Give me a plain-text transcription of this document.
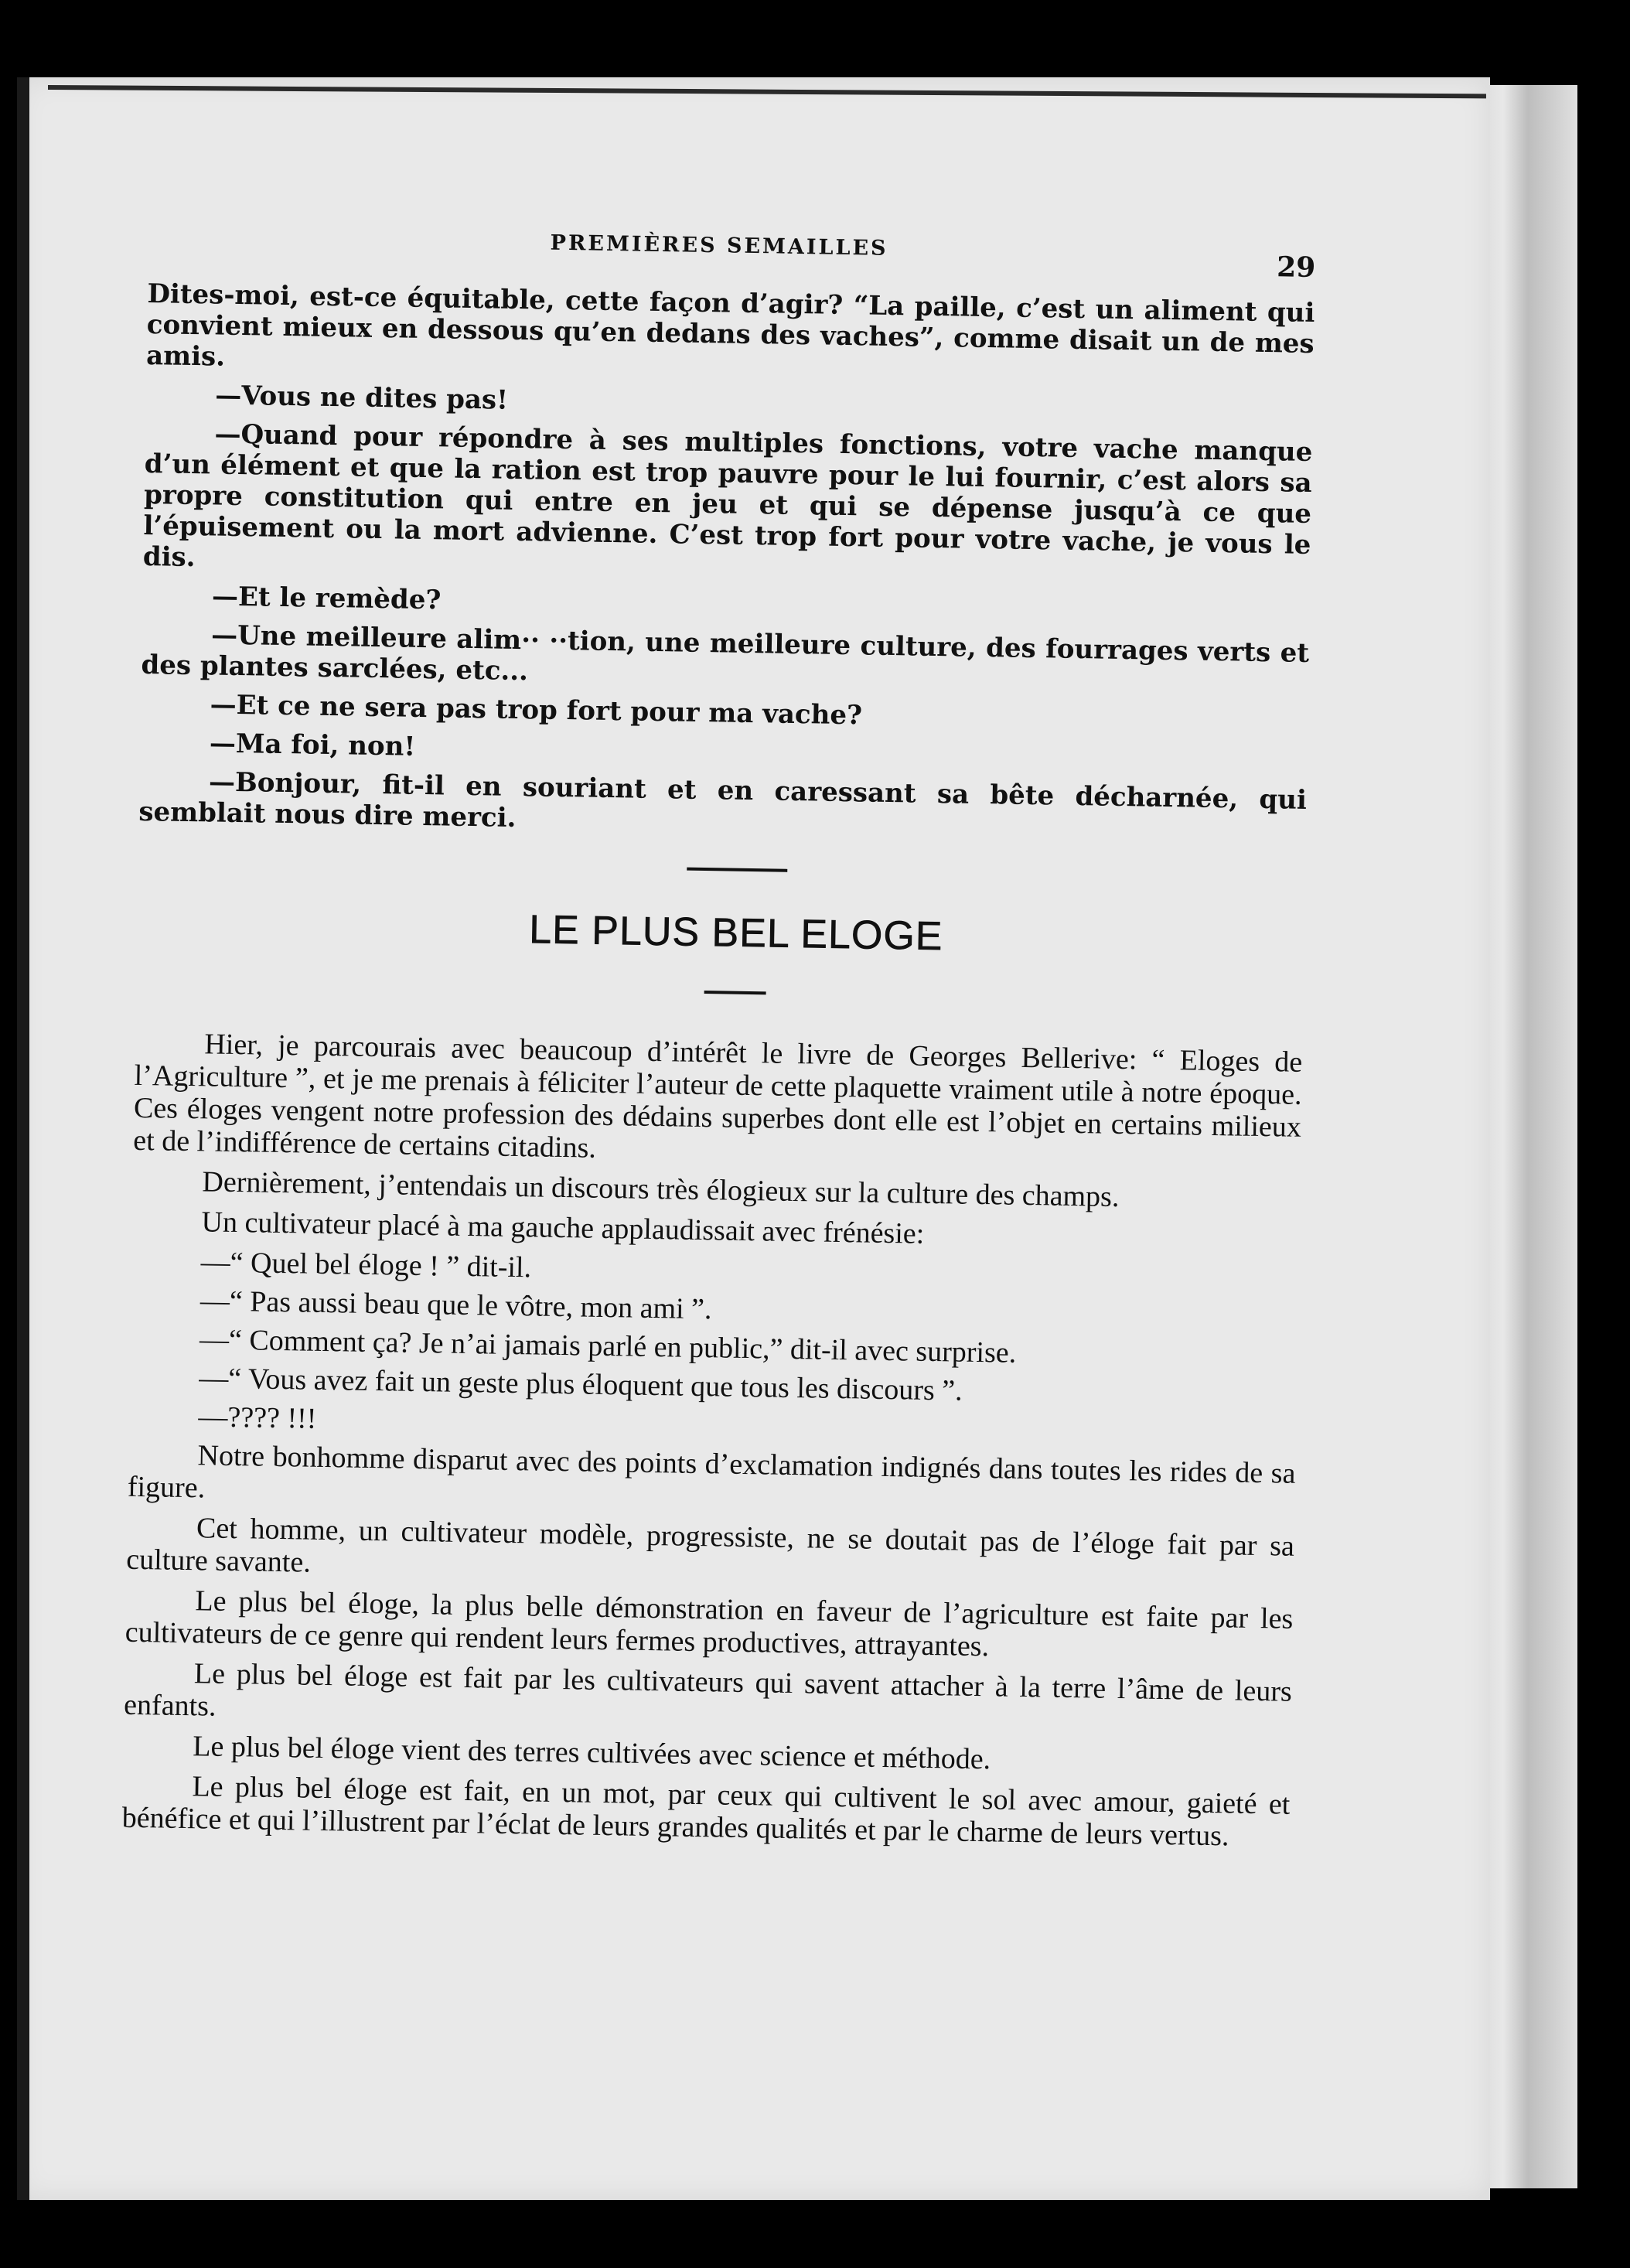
PREMIÈRES SEMAILLES
29

Dites-moi, est-ce équitable, cette façon d’agir? “La paille, c’est un aliment qui convient mieux en dessous qu’en dedans des vaches”, comme disait un de mes amis.

—Vous ne dites pas!

—Quand pour répondre à ses multiples fonctions, votre vache manque d’un élément et que la ration est trop pauvre pour le lui fournir, c’est alors sa propre constitution qui entre en jeu et qui se dépense jusqu’à ce que l’épuisement ou la mort advienne. C’est trop fort pour votre vache, je vous le dis.

—Et le remède?

—Une meilleure alim·· ··tion, une meilleure culture, des fourrages verts et des plantes sarclées, etc...

—Et ce ne sera pas trop fort pour ma vache?

—Ma foi, non!

—Bonjour, fit-il en souriant et en caressant sa bête décharnée, qui semblait nous dire merci.

LE PLUS BEL ELOGE

Hier, je parcourais avec beaucoup d’intérêt le livre de Georges Bellerive: “ Eloges de l’Agriculture ”, et je me prenais à féliciter l’auteur de cette plaquette vraiment utile à notre époque. Ces éloges vengent notre profession des dédains superbes dont elle est l’objet en certains milieux et de l’indifférence de certains citadins.

Dernièrement, j’entendais un discours très élogieux sur la culture des champs.

Un cultivateur placé à ma gauche applaudissait avec frénésie:

—“ Quel bel éloge ! ” dit-il.

—“ Pas aussi beau que le vôtre, mon ami ”.

—“ Comment ça? Je n’ai jamais parlé en public,” dit-il avec surprise.

—“ Vous avez fait un geste plus éloquent que tous les discours ”.

—???? !!!

Notre bonhomme disparut avec des points d’exclamation indignés dans toutes les rides de sa figure.

Cet homme, un cultivateur modèle, progressiste, ne se doutait pas de l’éloge fait par sa culture savante.

Le plus bel éloge, la plus belle démonstration en faveur de l’agriculture est faite par les cultivateurs de ce genre qui rendent leurs fermes productives, attrayantes.

Le plus bel éloge est fait par les cultivateurs qui savent attacher à la terre l’âme de leurs enfants.

Le plus bel éloge vient des terres cultivées avec science et méthode.

Le plus bel éloge est fait, en un mot, par ceux qui cultivent le sol avec amour, gaieté et bénéfice et qui l’illustrent par l’éclat de leurs grandes qualités et par le charme de leurs vertus.
